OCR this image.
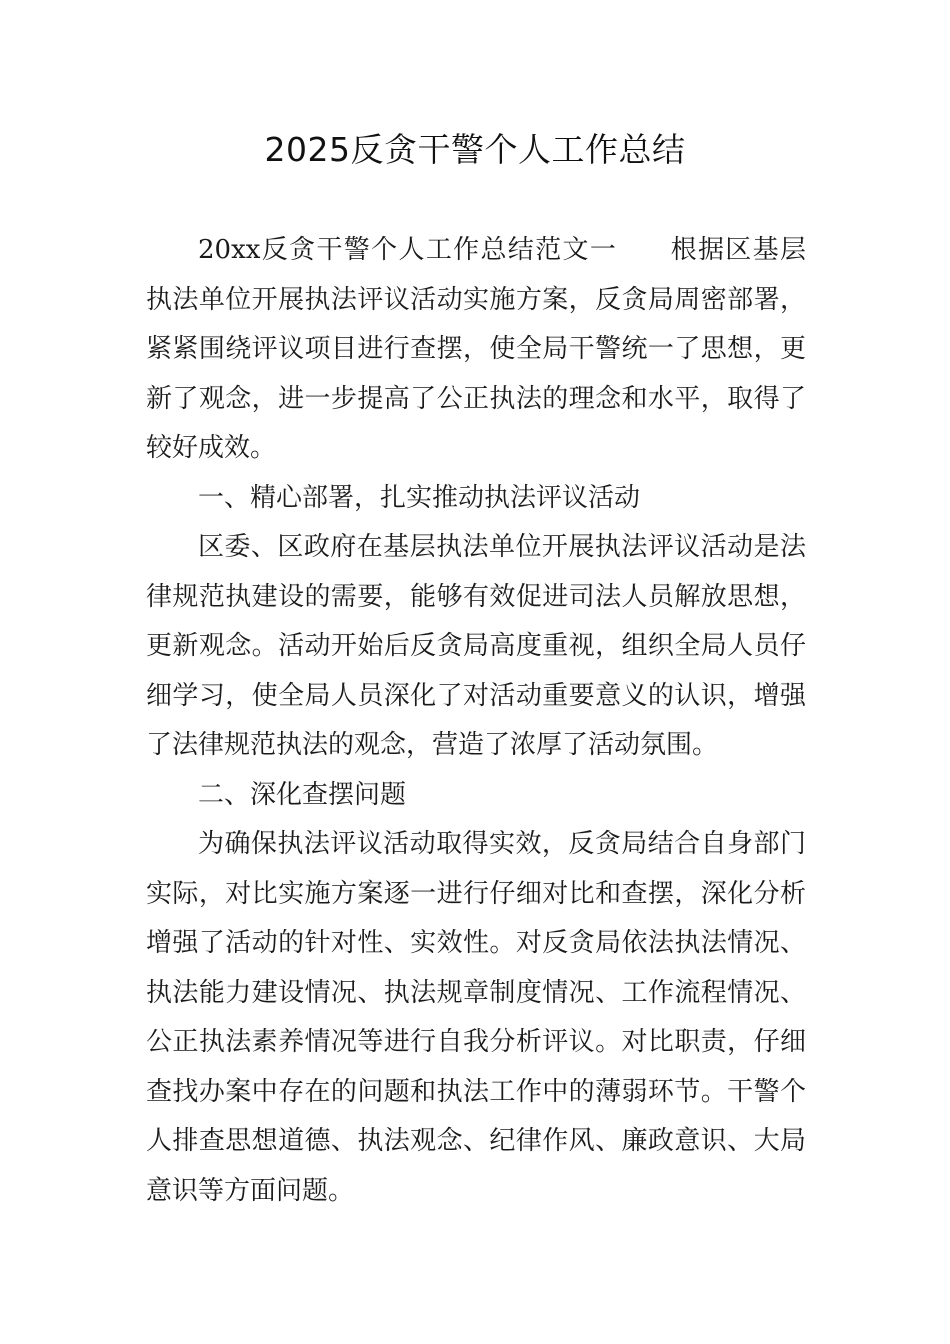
2025反贪干警个人工作总结

20xx反贪干警个人工作总结范文一 根据区基层执法单位开展执法评议活动实施方案，反贪局周密部署，紧紧围绕评议项目进行查摆，使全局干警统一了思想，更新了观念，进一步提高了公正执法的理念和水平，取得了较好成效。

一、精心部署，扎实推动执法评议活动

区委、区政府在基层执法单位开展执法评议活动是法律规范执建设的需要，能够有效促进司法人员解放思想，更新观念。活动开始后反贪局高度重视，组织全局人员仔细学习，使全局人员深化了对活动重要意义的认识，增强了法律规范执法的观念，营造了浓厚了活动氛围。

二、深化查摆问题

为确保执法评议活动取得实效，反贪局结合自身部门实际，对比实施方案逐一进行仔细对比和查摆，深化分析增强了活动的针对性、实效性。对反贪局依法执法情况、执法能力建设情况、执法规章制度情况、工作流程情况、公正执法素养情况等进行自我分析评议。对比职责，仔细查找办案中存在的问题和执法工作中的薄弱环节。干警个人排查思想道德、执法观念、纪律作风、廉政意识、大局意识等方面问题。
